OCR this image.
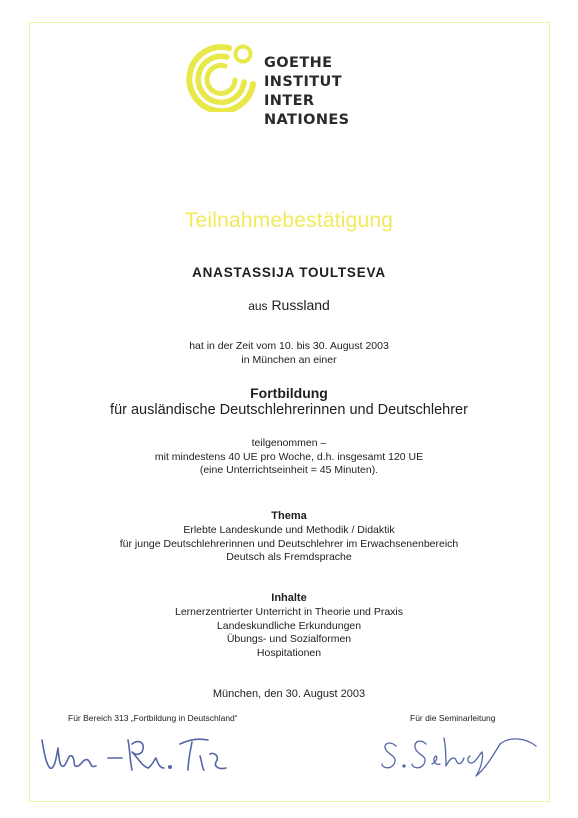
GOETHE INSTITUT
INTER NATIONES
Teilnahmebestätigung
ANASTASSIJA TOULTSEVA
aus Russland
hat in der Zeit vom 10. bis 30. August 2003
in München an einer
Fortbildung
für ausländische Deutschlehrerinnen und Deutschlehrer
teilgenommen –
mit mindestens 40 UE pro Woche, d.h. insgesamt 120 UE
(eine Unterrichtseinheit = 45 Minuten).
Thema
Erlebte Landeskunde und Methodik / Didaktik
für junge Deutschlehrerinnen und Deutschlehrer im Erwachsenenbereich
Deutsch als Fremdsprache
Inhalte
Lernerzentrierter Unterricht in Theorie und Praxis
Landeskundliche Erkundungen
Übungs- und Sozialformen
Hospitationen
München, den 30. August 2003
Für Bereich 313 „Fortbildung in Deutschland“	Für die Seminarleitung
